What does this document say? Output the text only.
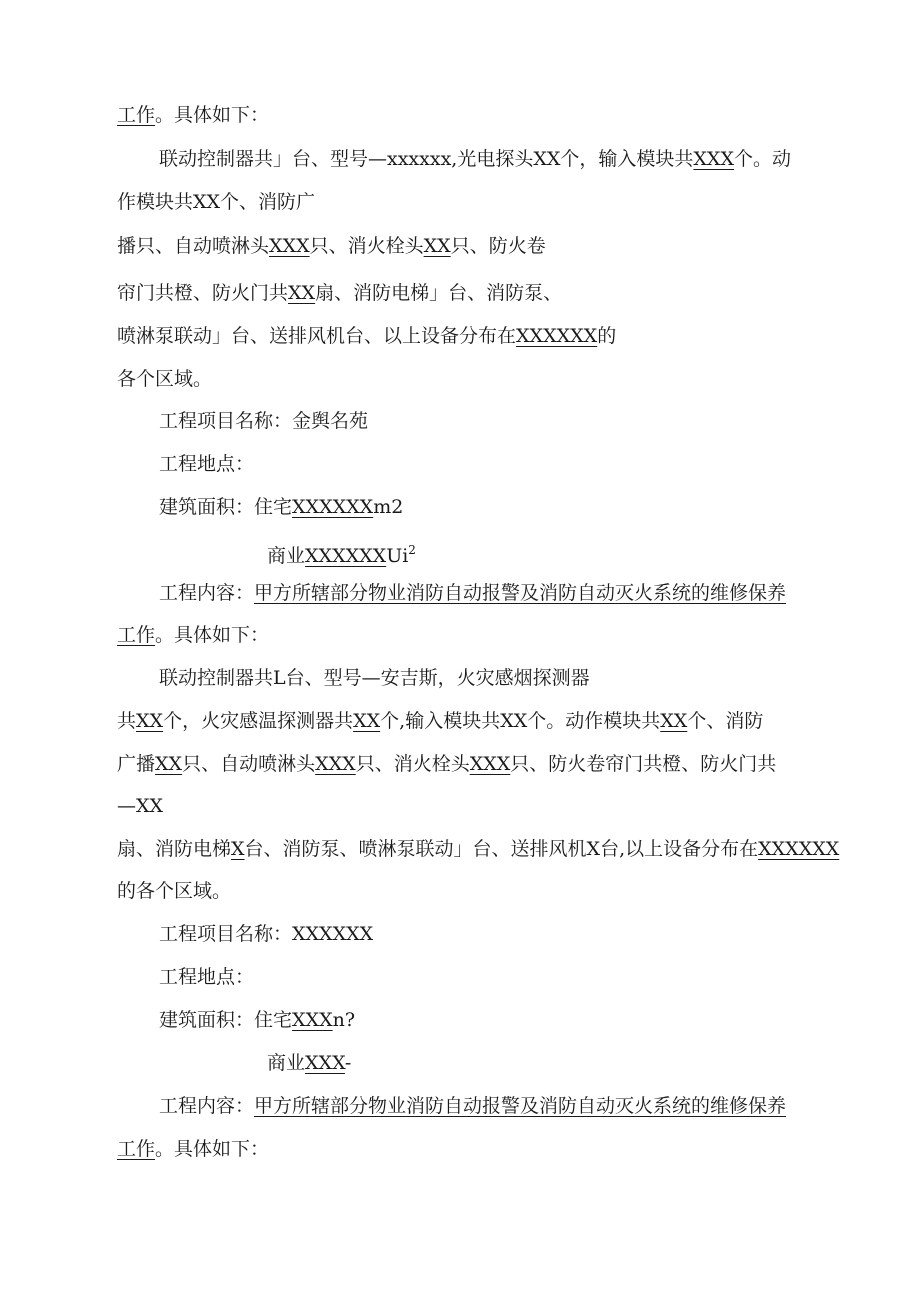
工作。具体如下：
联动控制器共」台、型号—xxxxxx,光电探头XX个，输入模块共XXX个。动
作模块共XX个、消防广
播只、自动喷淋头XXX只、消火栓头XX只、防火卷
帘门共橙、防火门共XX扇、消防电梯」台、消防泵、
喷淋泵联动」台、送排风机台、以上设备分布在XXXXXX的
各个区域。
工程项目名称：金舆名苑
工程地点：
建筑面积：住宅XXXXXXm2
商业XXXXXXUi$^2$
工程内容：甲方所辖部分物业消防自动报警及消防自动灭火系统的维修保养
工作。具体如下：
联动控制器共L台、型号—安吉斯，火灾感烟探测器
共XX个，火灾感温探测器共XX个,输入模块共XX个。动作模块共XX个、消防
广播XX只、自动喷淋头XXX只、消火栓头XXX只、防火卷帘门共橙、防火门共
—XX
扇、消防电梯X台、消防泵、喷淋泵联动」台、送排风机X台,以上设备分布在XXXXXX
的各个区域。
工程项目名称：XXXXXX
工程地点：
建筑面积：住宅XXXn?
商业XXX-
工程内容：甲方所辖部分物业消防自动报警及消防自动灭火系统的维修保养
工作。具体如下：
